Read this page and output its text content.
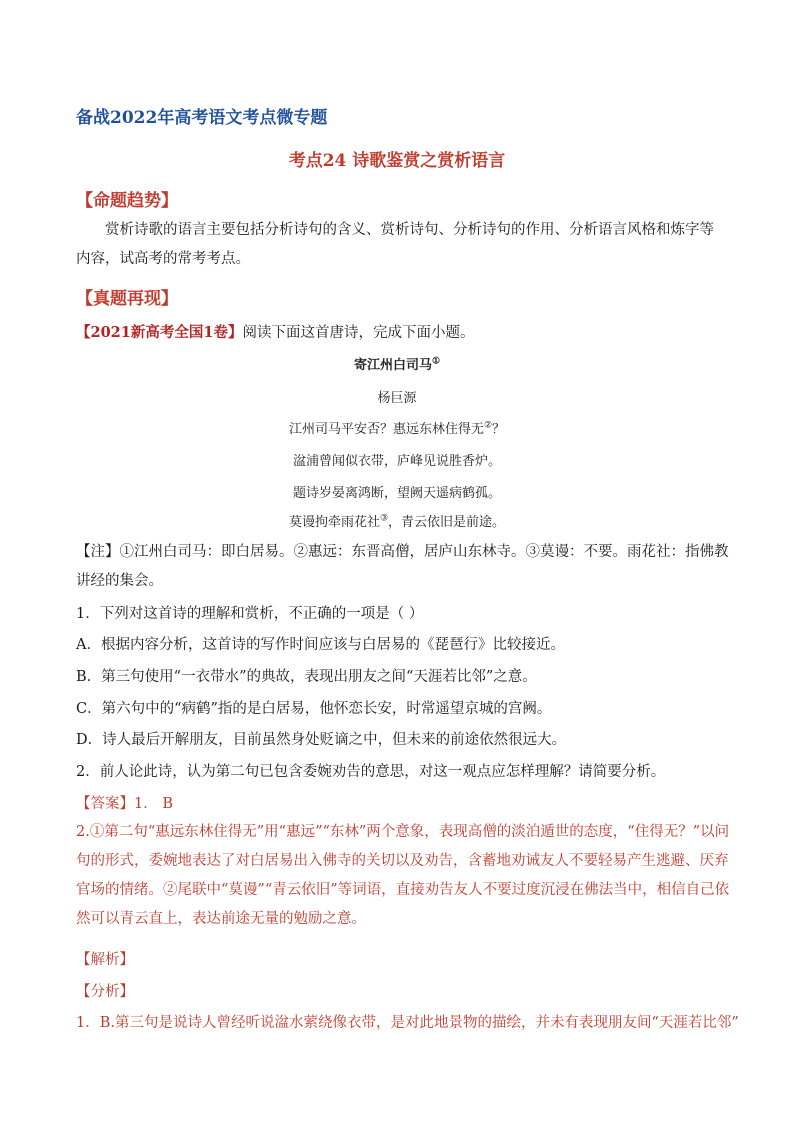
备战2022年高考语文考点微专题
考点24 诗歌鉴赏之赏析语言
【命题趋势】
赏析诗歌的语言主要包括分析诗句的含义、赏析诗句、分析诗句的作用、分析语言风格和炼字等内容，试高考的常考考点。
【真题再现】
【2021新高考全国1卷】阅读下面这首唐诗，完成下面小题。
寄江州白司马①
杨巨源
江州司马平安否？惠远东林住得无②？
湓浦曾闻似衣带，庐峰见说胜香炉。
题诗岁晏离鸿断，望阙天遥病鹤孤。
莫谩拘牵雨花社③，青云依旧是前途。
【注】①江州白司马：即白居易。②惠远：东晋高僧，居庐山东林寺。③莫谩：不要。雨花社：指佛教讲经的集会。
1．下列对这首诗的理解和赏析，不正确的一项是（ ）
A．根据内容分析，这首诗的写作时间应该与白居易的《琵琶行》比较接近。
B．第三句使用“一衣带水”的典故，表现出朋友之间“天涯若比邻”之意。
C．第六句中的“病鹤”指的是白居易，他怀恋长安，时常遥望京城的宫阙。
D．诗人最后开解朋友，目前虽然身处贬谪之中，但未来的前途依然很远大。
2．前人论此诗，认为第二句已包含委婉劝告的意思，对这一观点应怎样理解？请简要分析。
【答案】1． B
2.①第二句“惠远东林住得无”用“惠远”“东林”两个意象，表现高僧的淡泊遁世的态度，“住得无？”以问句的形式，委婉地表达了对白居易出入佛寺的关切以及劝告，含蓄地劝诫友人不要轻易产生逃避、厌弃官场的情绪。②尾联中“莫谩”“青云依旧”等词语，直接劝告友人不要过度沉浸在佛法当中，相信自己依然可以青云直上，表达前途无量的勉励之意。
【解析】
【分析】
1．B.第三句是说诗人曾经听说湓水萦绕像衣带，是对此地景物的描绘，并未有表现朋友间“天涯若比邻”
